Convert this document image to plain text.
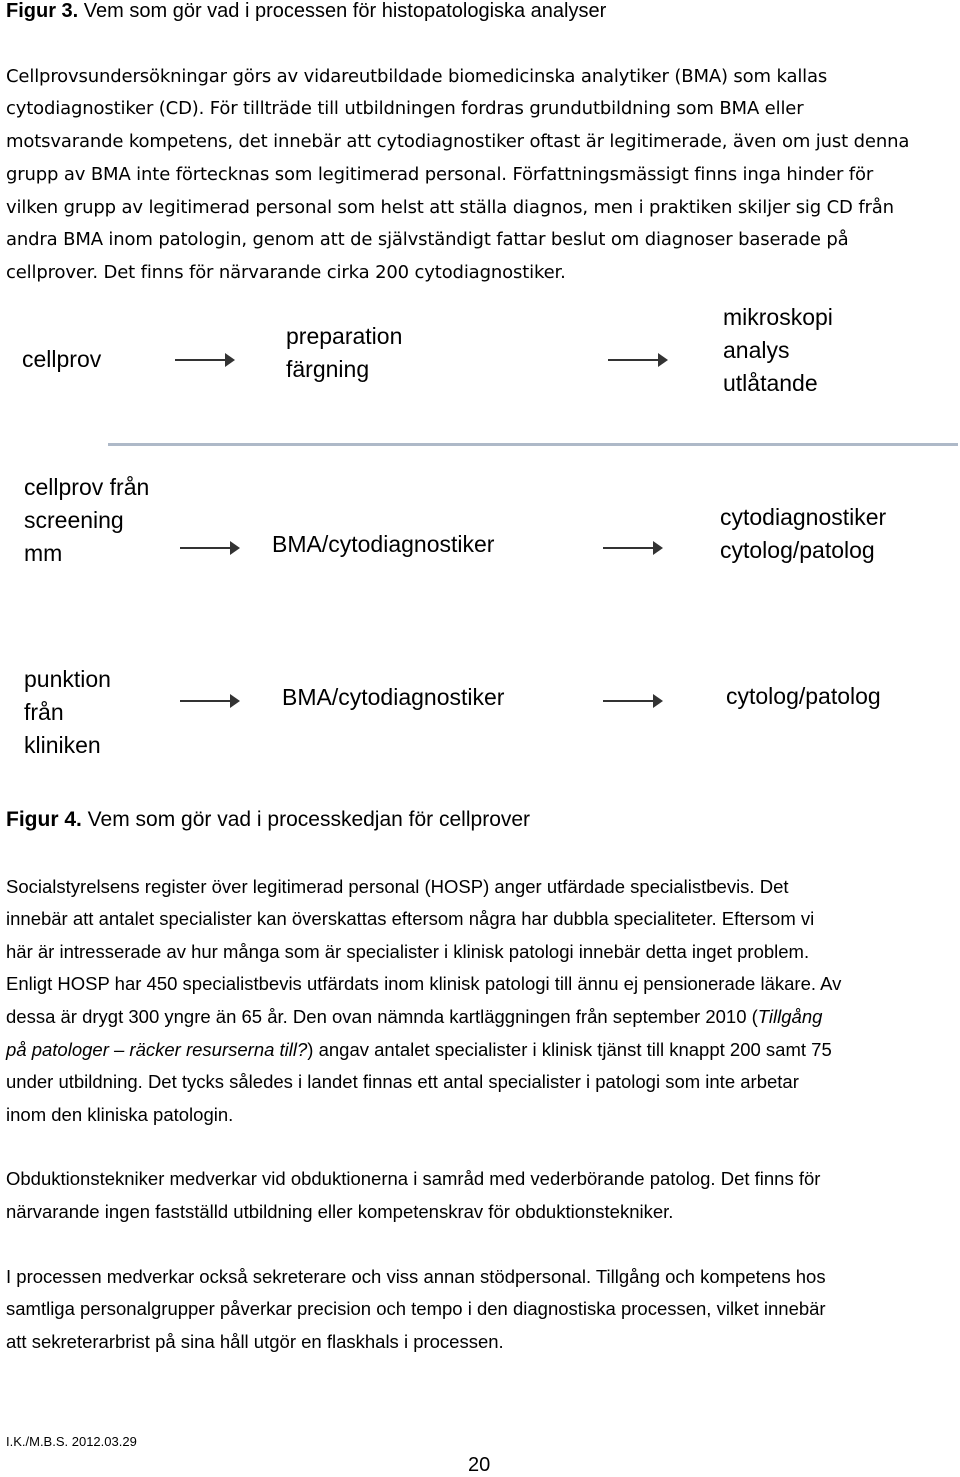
Figur 3. Vem som gör vad i processen för histopatologiska analyser
Cellprovsundersökningar görs av vidareutbildade biomedicinska analytiker (BMA) som kallas
cytodiagnostiker (CD). För tillträde till utbildningen fordras grundutbildning som BMA eller
motsvarande kompetens, det innebär att cytodiagnostiker oftast är legitimerade, även om just denna
grupp av BMA inte förtecknas som legitimerad personal. Författningsmässigt finns inga hinder för
vilken grupp av legitimerad personal som helst att ställa diagnos, men i praktiken skiljer sig CD från
andra BMA inom patologin, genom att de självständigt fattar beslut om diagnoser baserade på
cellprover. Det finns för närvarande cirka 200 cytodiagnostiker.
cellprov
preparation
färgning
mikroskopi
analys
utlåtande
cellprov från
screening
mm	BMA/cytodiagnostiker
cytodiagnostiker
cytolog/patolog
punktion
från
kliniken
BMA/cytodiagnostiker	cytolog/patolog
Figur 4. Vem som gör vad i processkedjan för cellprover
Socialstyrelsens register över legitimerad personal (HOSP) anger utfärdade specialistbevis. Det
innebär att antalet specialister kan överskattas eftersom några har dubbla specialiteter. Eftersom vi
här är intresserade av hur många som är specialister i klinisk patologi innebär detta inget problem.
Enligt HOSP har 450 specialistbevis utfärdats inom klinisk patologi till ännu ej pensionerade läkare. Av
dessa är drygt 300 yngre än 65 år. Den ovan nämnda kartläggningen från september 2010 (Tillgång
på patologer – räcker resurserna till?) angav antalet specialister i klinisk tjänst till knappt 200 samt 75
under utbildning. Det tycks således i landet finnas ett antal specialister i patologi som inte arbetar
inom den kliniska patologin.
Obduktionstekniker medverkar vid obduktionerna i samråd med vederbörande patolog. Det finns för
närvarande ingen fastställd utbildning eller kompetenskrav för obduktionstekniker.
I processen medverkar också sekreterare och viss annan stödpersonal. Tillgång och kompetens hos
samtliga personalgrupper påverkar precision och tempo i den diagnostiska processen, vilket innebär
att sekreterarbrist på sina håll utgör en flaskhals i processen.
I.K./M.B.S. 2012.03.29
20
